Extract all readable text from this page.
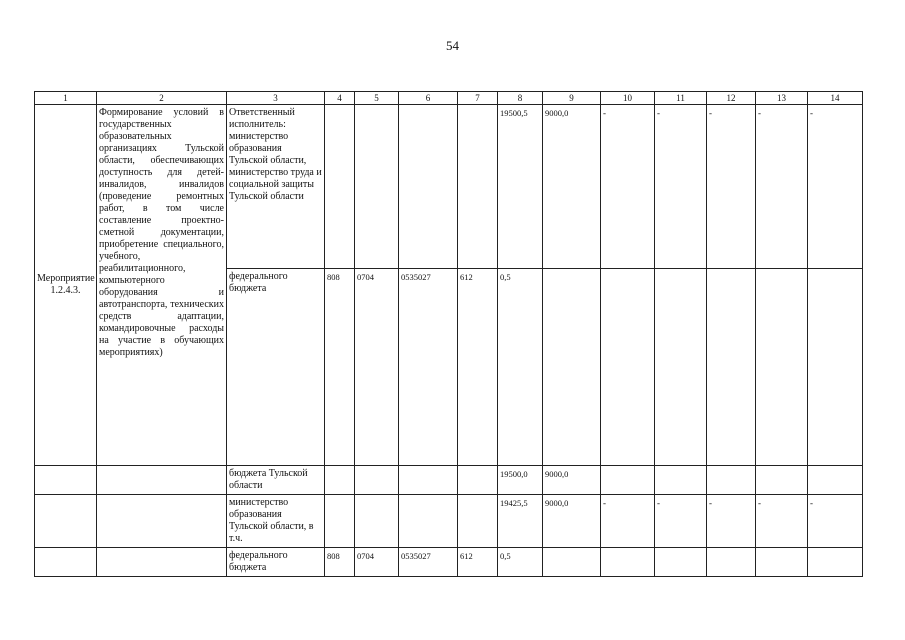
54
1	2	3	4	5	6	7	8	9	10	11	12	13	14
Мероприятие 1.2.4.3.	Формирование условий в государственных образовательных организациях Тульской области, обеспечивающих доступность для детей-инвалидов, инвалидов (проведение ремонтных работ, в том числе составление проектно-сметной документации, приобретение специального, учебного, реабилитационного, компьютерного оборудования и автотранспорта, технических средств адаптации, командировочные расходы на участие в обучающих мероприятиях)	Ответственный исполнитель: министерство образования Тульской области, министерство труда и социальной защиты Тульской области					19500,5	9000,0	-	-	-	-	-
		федерального бюджета	808	0704	0535027	612	0,5						
		бюджета Тульской области					19500,0	9000,0					
		министерство образования Тульской области, в т.ч.					19425,5	9000,0	-	-	-	-	-
		федерального бюджета	808	0704	0535027	612	0,5						
